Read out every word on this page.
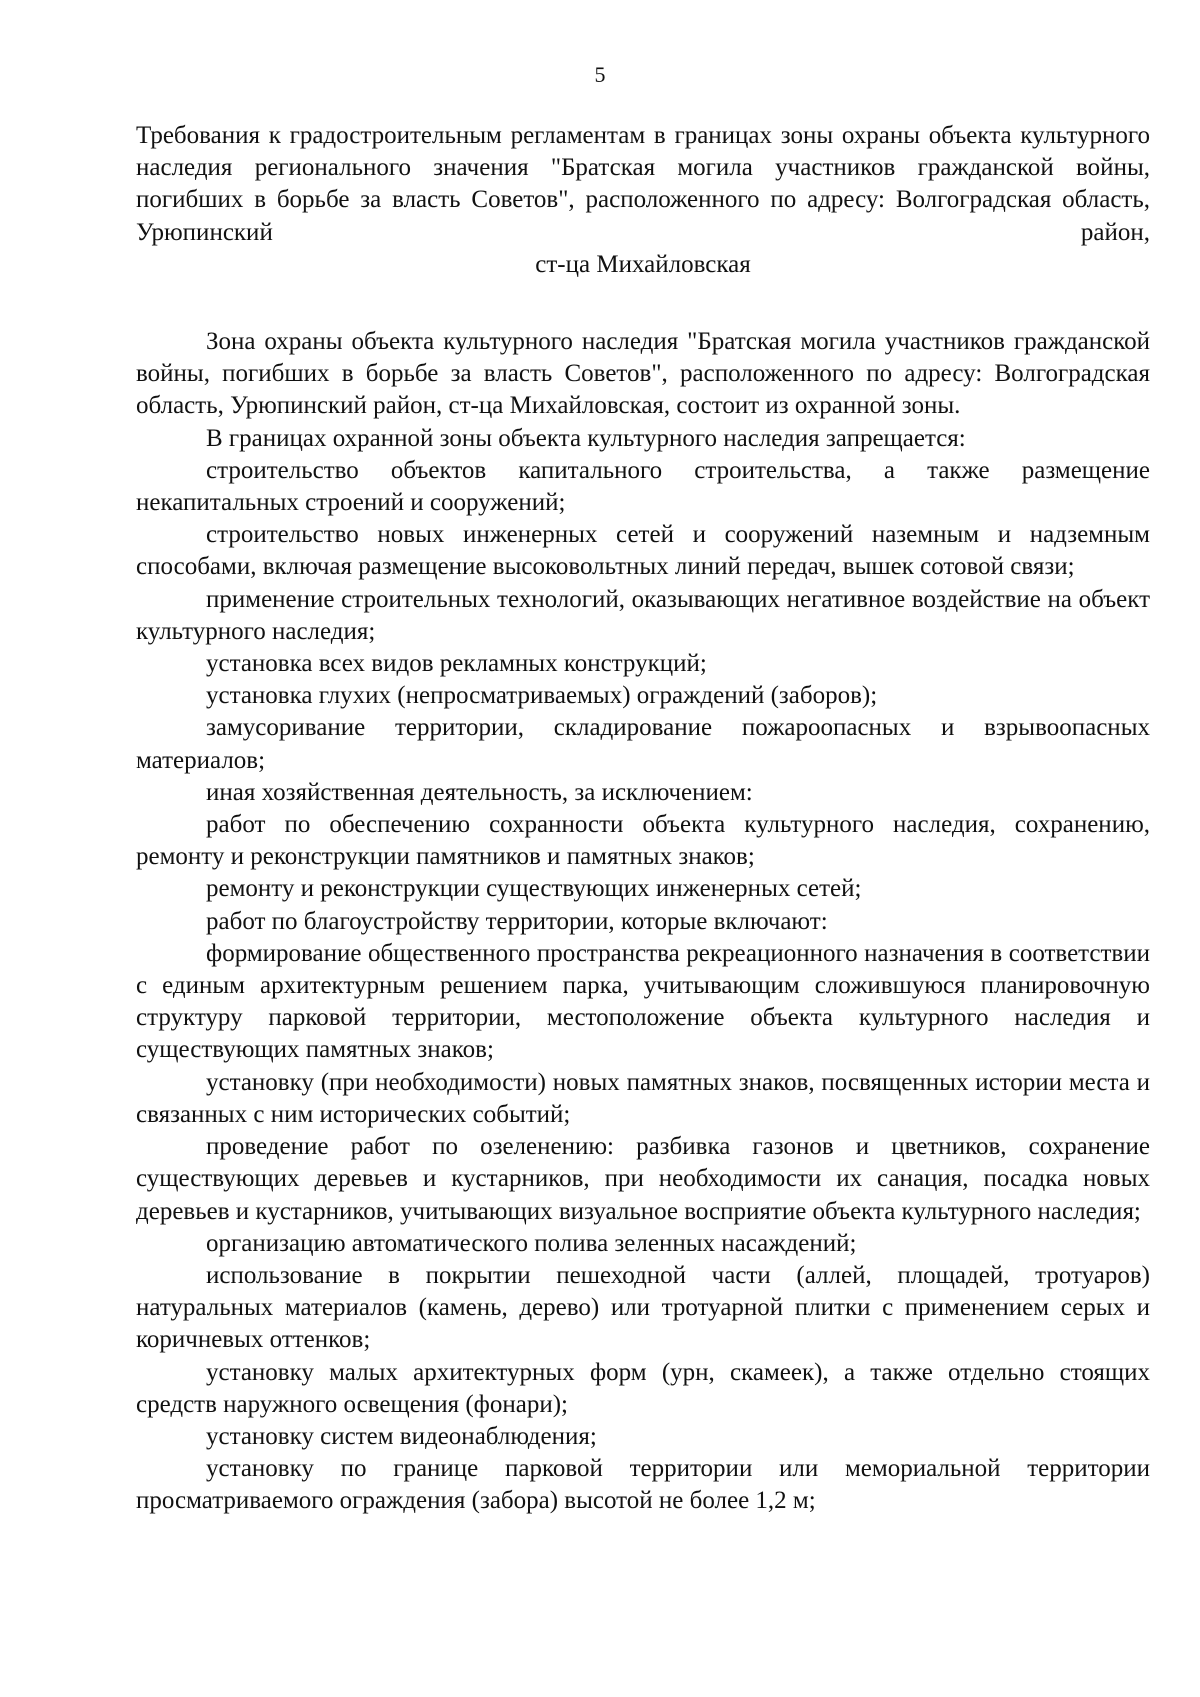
5

Требования к градостроительным регламентам в границах зоны охраны объекта культурного наследия регионального значения "Братская могила участников гражданской войны, погибших в борьбе за власть Советов", расположенного по адресу: Волгоградская область, Урюпинский район,

ст-ца Михайловская

Зона охраны объекта культурного наследия "Братская могила участников гражданской войны, погибших в борьбе за власть Советов", расположенного по адресу: Волгоградская область, Урюпинский район, ст-ца Михайловская, состоит из охранной зоны.

В границах охранной зоны объекта культурного наследия запрещается:

строительство объектов капитального строительства, а также размещение некапитальных строений и сооружений;

строительство новых инженерных сетей и сооружений наземным и надземным способами, включая размещение высоковольтных линий передач, вышек сотовой связи;

применение строительных технологий, оказывающих негативное воздействие на объект культурного наследия;

установка всех видов рекламных конструкций;

установка глухих (непросматриваемых) ограждений (заборов);

замусоривание территории, складирование пожароопасных и взрывоопасных материалов;

иная хозяйственная деятельность, за исключением:

работ по обеспечению сохранности объекта культурного наследия, сохранению, ремонту и реконструкции памятников и памятных знаков;

ремонту и реконструкции существующих инженерных сетей;

работ по благоустройству территории, которые включают:

формирование общественного пространства рекреационного назначения в соответствии с единым архитектурным решением парка, учитывающим сложившуюся планировочную структуру парковой территории, местоположение объекта культурного наследия и существующих памятных знаков;

установку (при необходимости) новых памятных знаков, посвященных истории места и связанных с ним исторических событий;

проведение работ по озеленению: разбивка газонов и цветников, сохранение существующих деревьев и кустарников, при необходимости их санация, посадка новых деревьев и кустарников, учитывающих визуальное восприятие объекта культурного наследия;

организацию автоматического полива зеленных насаждений;

использование в покрытии пешеходной части (аллей, площадей, тротуаров) натуральных материалов (камень, дерево) или тротуарной плитки с применением серых и коричневых оттенков;

установку малых архитектурных форм (урн, скамеек), а также отдельно стоящих средств наружного освещения (фонари);

установку систем видеонаблюдения;

установку по границе парковой территории или мемориальной территории просматриваемого ограждения (забора) высотой не более 1,2 м;
